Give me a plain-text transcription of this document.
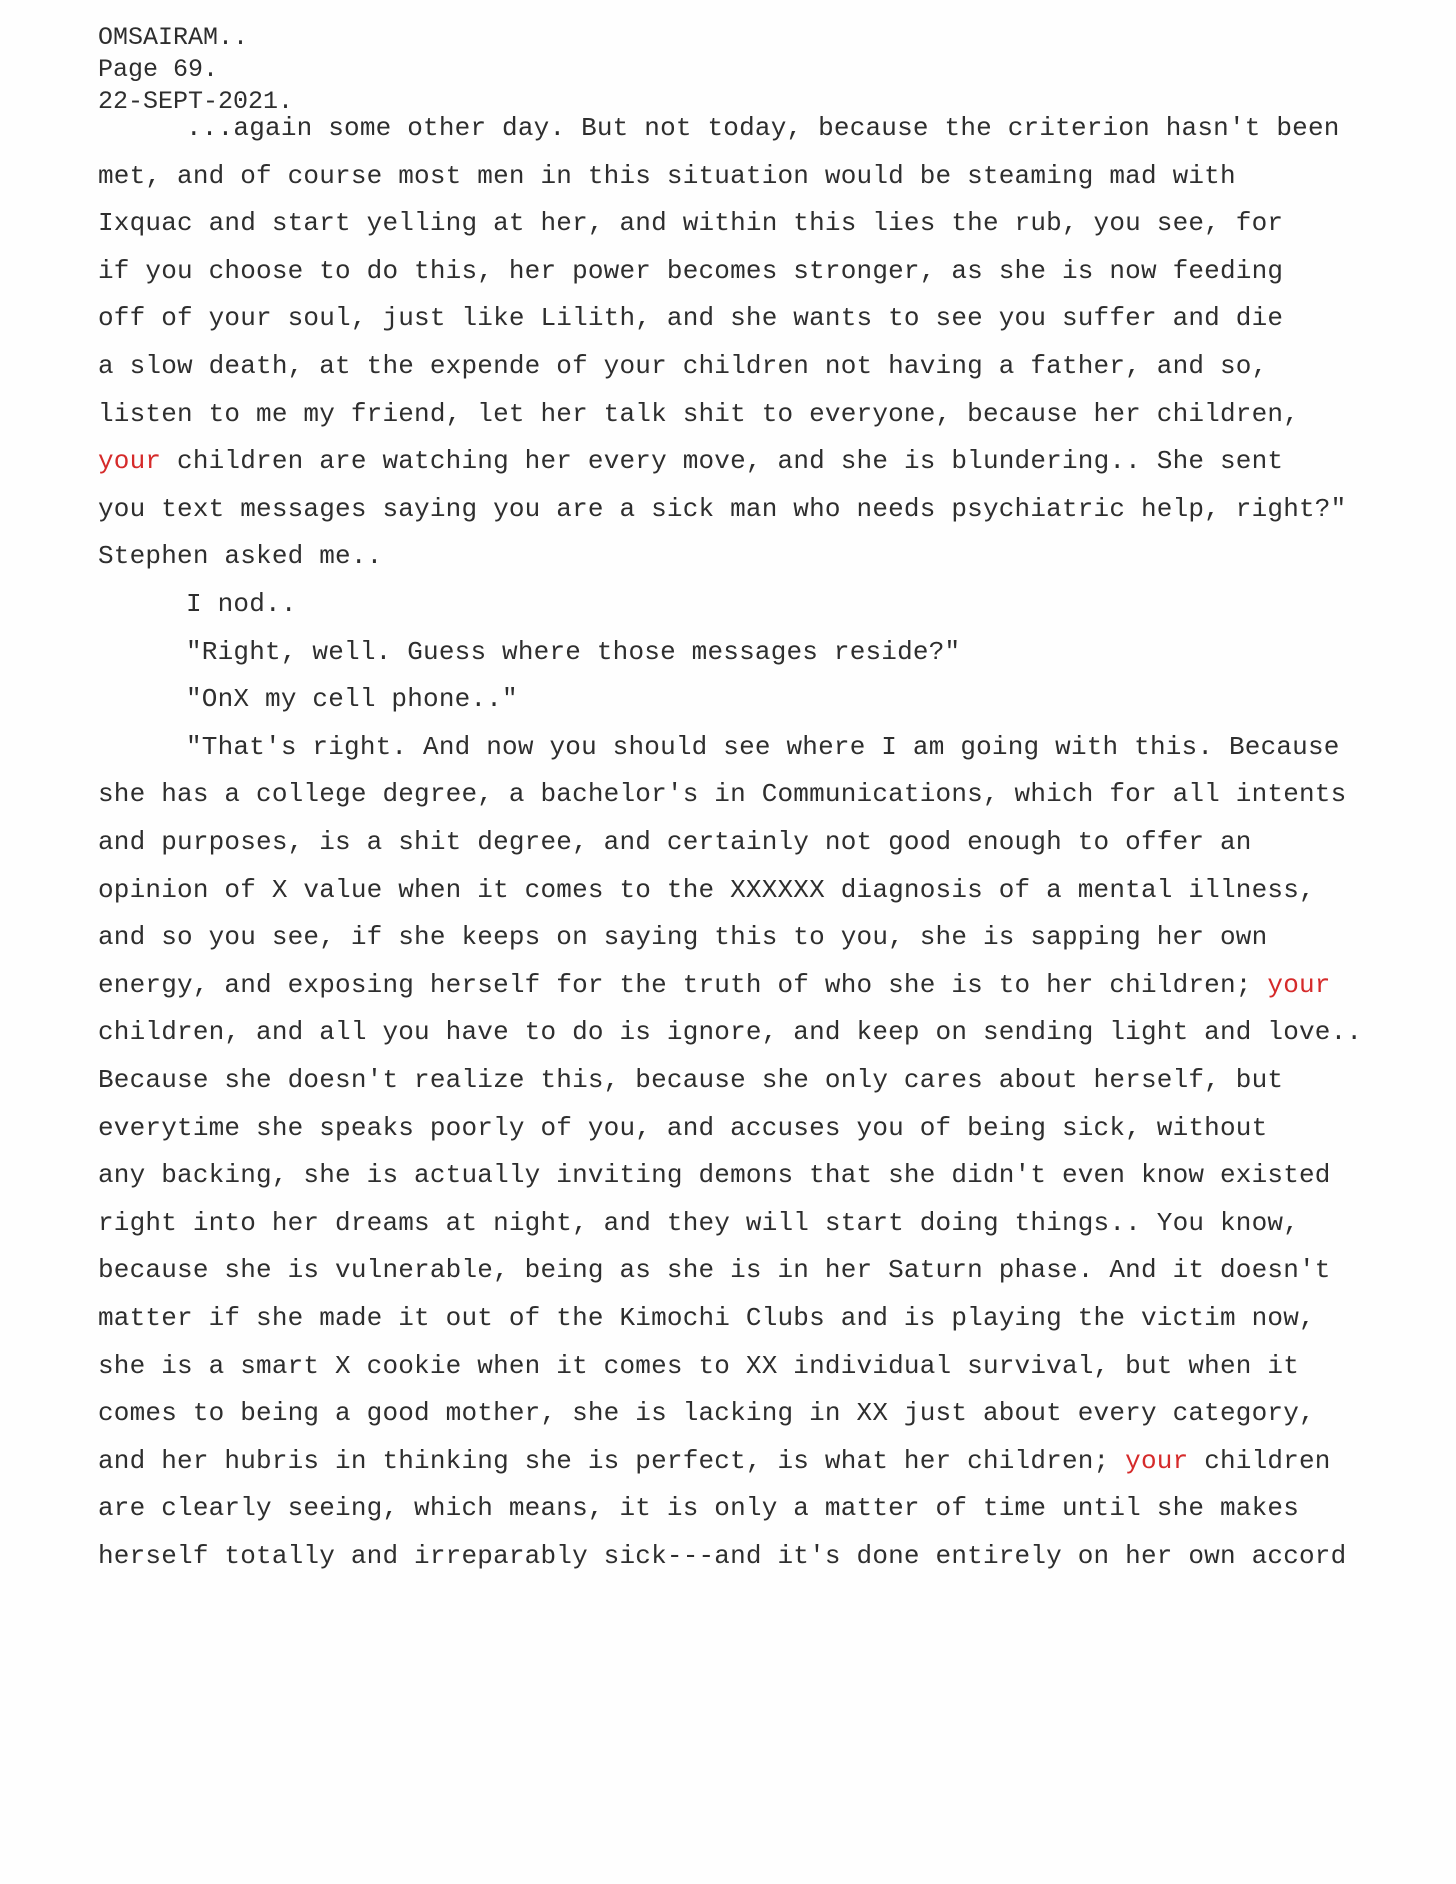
OMSAIRAM..
Page 69.
22-SEPT-2021.
...again some other day. But not today, because the criterion hasn't been
met, and of course most men in this situation would be steaming mad with
Ixquac and start yelling at her, and within this lies the rub, you see, for
if you choose to do this, her power becomes stronger, as she is now feeding
off of your soul, just like Lilith, and she wants to see you suffer and die
a slow death, at the expende of your children not having a father, and so,
listen to me my friend, let her talk shit to everyone, because her children,
your children are watching her every move, and she is blundering.. She sent
you text messages saying you are a sick man who needs psychiatric help, right?"
Stephen asked me..
I nod..
"Right, well. Guess where those messages reside?"
"OnX my cell phone.."
"That's right. And now you should see where I am going with this. Because
she has a college degree, a bachelor's in Communications, which for all intents
and purposes, is a shit degree, and certainly not good enough to offer an
opinion of X value when it comes to the XXXXXX diagnosis of a mental illness,
and so you see, if she keeps on saying this to you, she is sapping her own
energy, and exposing herself for the truth of who she is to her children; your
children, and all you have to do is ignore, and keep on sending light and love..
Because she doesn't realize this, because she only cares about herself, but
everytime she speaks poorly of you, and accuses you of being sick, without
any backing, she is actually inviting demons that she didn't even know existed
right into her dreams at night, and they will start doing things.. You know,
because she is vulnerable, being as she is in her Saturn phase. And it doesn't
matter if she made it out of the Kimochi Clubs and is playing the victim now,
she is a smart X cookie when it comes to XX individual survival, but when it
comes to being a good mother, she is lacking in XX just about every category,
and her hubris in thinking she is perfect, is what her children; your children
are clearly seeing, which means, it is only a matter of time until she makes
herself totally and irreparably sick---and it's done entirely on her own accord
